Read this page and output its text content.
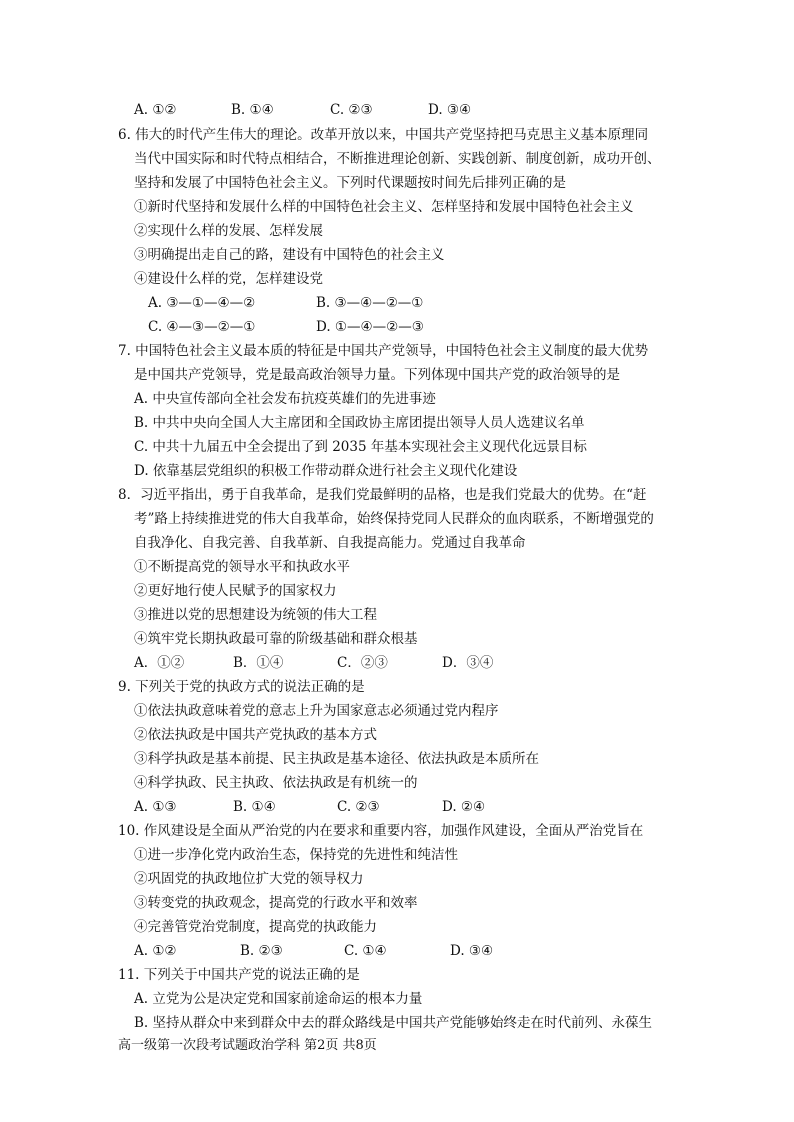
A. ①②	B. ①④	C. ②③	D. ③④
6. 伟大的时代产生伟大的理论。改革开放以来，中国共产党坚持把马克思主义基本原理同
当代中国实际和时代特点相结合，不断推进理论创新、实践创新、制度创新，成功开创、
坚持和发展了中国特色社会主义。下列时代课题按时间先后排列正确的是
①新时代坚持和发展什么样的中国特色社会主义、怎样坚持和发展中国特色社会主义
②实现什么样的发展、怎样发展
③明确提出走自己的路，建设有中国特色的社会主义
④建设什么样的党，怎样建设党
A. ③—①—④—②	B. ③—④—②—①
C. ④—③—②—①	D. ①—④—②—③
7. 中国特色社会主义最本质的特征是中国共产党领导，中国特色社会主义制度的最大优势
是中国共产党领导，党是最高政治领导力量。下列体现中国共产党的政治领导的是
A. 中央宣传部向全社会发布抗疫英雄们的先进事迹
B. 中共中央向全国人大主席团和全国政协主席团提出领导人员人选建议名单
C. 中共十九届五中全会提出了到 2035 年基本实现社会主义现代化远景目标
D. 依靠基层党组织的积极工作带动群众进行社会主义现代化建设
8．习近平指出，勇于自我革命，是我们党最鲜明的品格，也是我们党最大的优势。在“赶
考”路上持续推进党的伟大自我革命，始终保持党同人民群众的血肉联系，不断增强党的
自我净化、自我完善、自我革新、自我提高能力。党通过自我革命
①不断提高党的领导水平和执政水平
②更好地行使人民赋予的国家权力
③推进以党的思想建设为统领的伟大工程
④筑牢党长期执政最可靠的阶级基础和群众根基
A．①②	B．①④	C．②③	D．③④
9. 下列关于党的执政方式的说法正确的是
①依法执政意味着党的意志上升为国家意志必须通过党内程序
②依法执政是中国共产党执政的基本方式
③科学执政是基本前提、民主执政是基本途径、依法执政是本质所在
④科学执政、民主执政、依法执政是有机统一的
A. ①③	B. ①④	C. ②③	D. ②④
10. 作风建设是全面从严治党的内在要求和重要内容，加强作风建设，全面从严治党旨在
①进一步净化党内政治生态，保持党的先进性和纯洁性
②巩固党的执政地位扩大党的领导权力
③转变党的执政观念，提高党的行政水平和效率
④完善管党治党制度，提高党的执政能力
A. ①②	B. ②③	C. ①④	D. ③④
11. 下列关于中国共产党的说法正确的是
A. 立党为公是决定党和国家前途命运的根本力量
B. 坚持从群众中来到群众中去的群众路线是中国共产党能够始终走在时代前列、永葆生
高一级第一次段考试题政治学科 第2页 共8页
